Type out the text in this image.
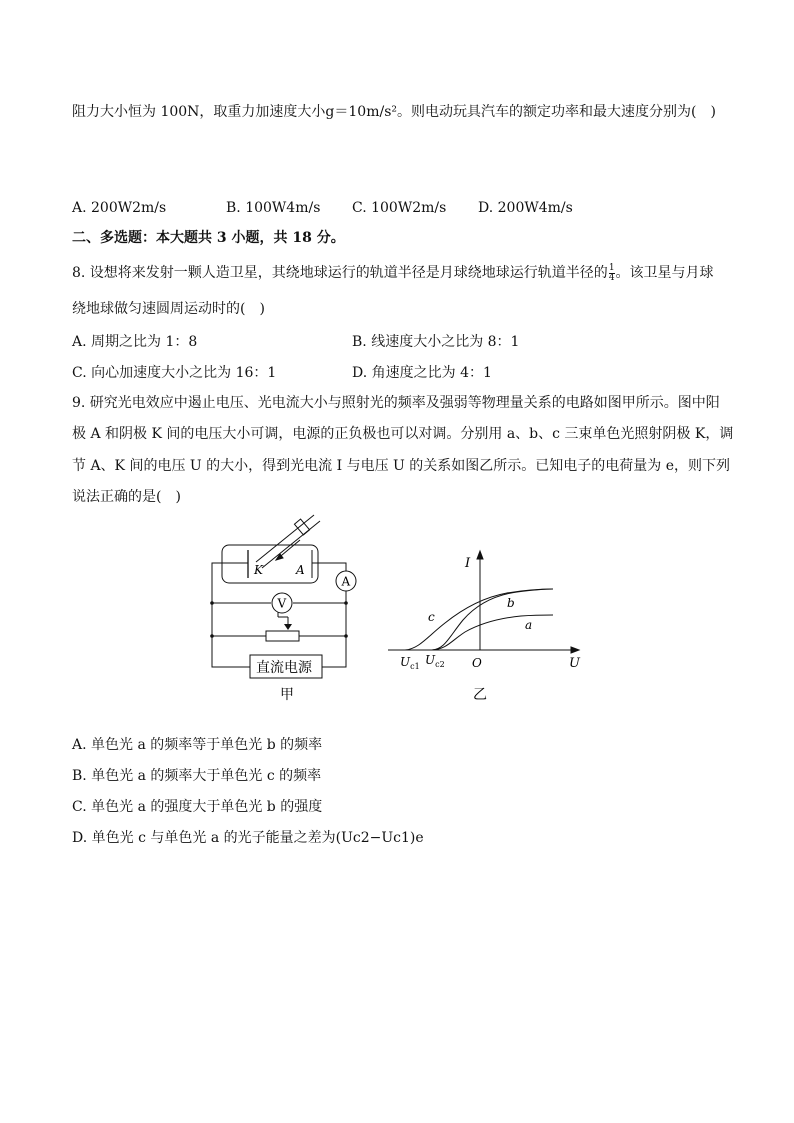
阻力大小恒为 100N，取重力加速度大小g＝10m/s²。则电动玩具汽车的额定功率和最大速度分别为(　)
A. 200W2m/s	B. 100W4m/s C. 100W2m/s D. 200W4m/s
二、多选题：本大题共 3 小题，共 18 分。
8. 设想将来发射一颗人造卫星，其绕地球运行的轨道半径是月球绕地球运行轨道半径的 $\frac{1}{4}$ 。该卫星与月球
绕地球做匀速圆周运动时的(　)
A. 周期之比为 1：8	B. 线速度大小之比为 8：1
C. 向心加速度大小之比为 16：1	D. 角速度之比为 4：1
9. 研究光电效应中遏止电压、光电流大小与照射光的频率及强弱等物理量关系的电路如图甲所示。图中阳
极 A 和阴极 K 间的电压大小可调，电源的正负极也可以对调。分别用 a、b、c 三束单色光照射阴极 K，调
节 A、K 间的电压 U 的大小，得到光电流 I 与电压 U 的关系如图乙所示。已知电子的电荷量为 e，则下列
说法正确的是(　)
K	A
A
V
直流电源
甲
I
U
O
c
b
a
$U_{c1}$ $U_{c2}$
乙
A. 单色光 a 的频率等于单色光 b 的频率
B. 单色光 a 的频率大于单色光 c 的频率
C. 单色光 a 的强度大于单色光 b 的强度
D. 单色光 c 与单色光 a 的光子能量之差为(Uc2−Uc1)e
